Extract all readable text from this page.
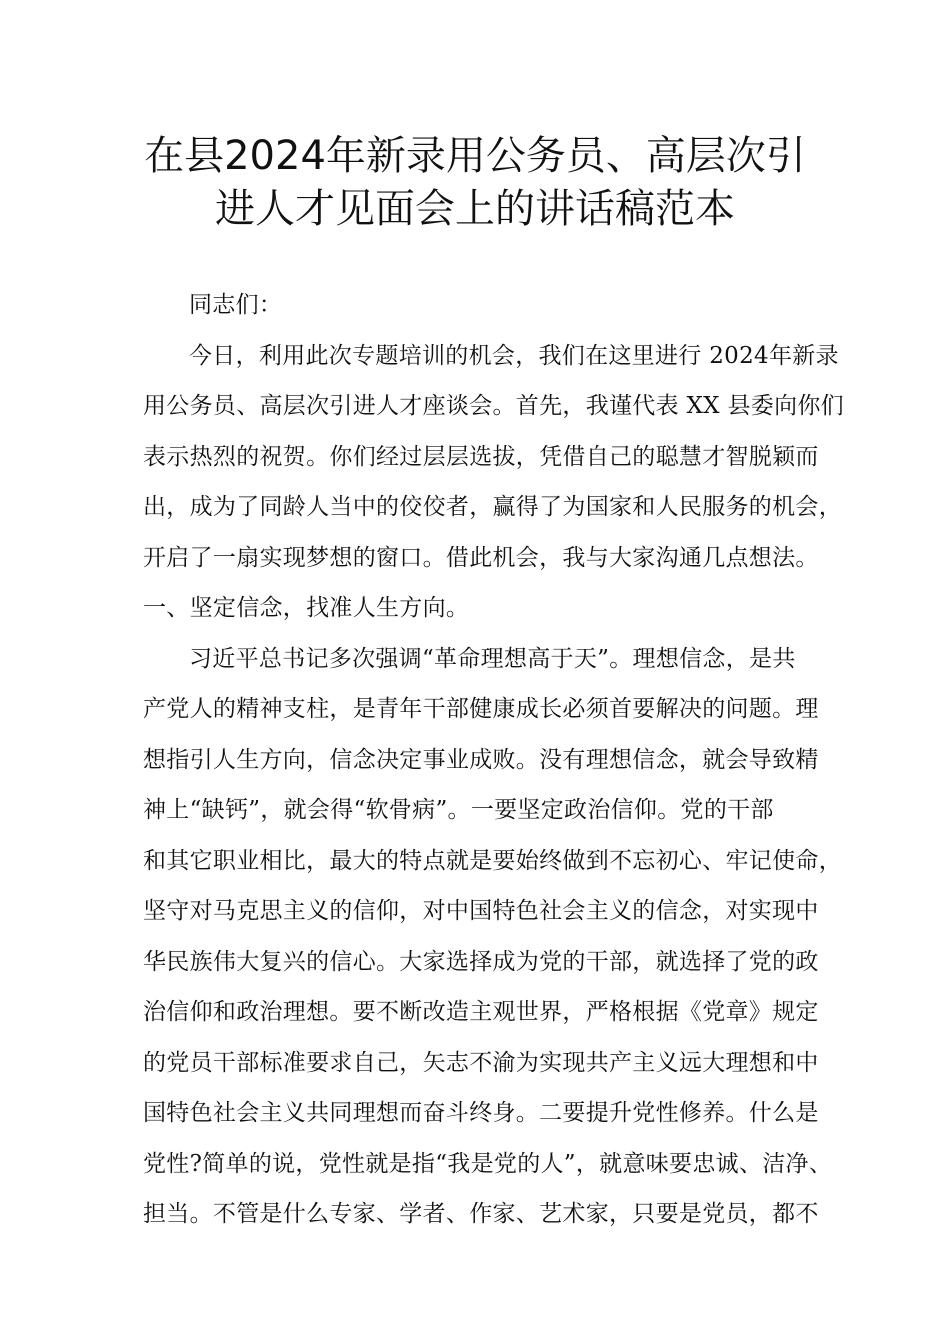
在县2024年新录用公务员、高层次引
进人才见面会上的讲话稿范本
同志们：
今日，利用此次专题培训的机会，我们在这里进行 2024年新录
用公务员、高层次引进人才座谈会。首先，我谨代表 XX 县委向你们
表示热烈的祝贺。你们经过层层选拔，凭借自己的聪慧才智脱颖而
出，成为了同龄人当中的佼佼者，赢得了为国家和人民服务的机会，
开启了一扇实现梦想的窗口。借此机会，我与大家沟通几点想法。
一、坚定信念，找准人生方向。
习近平总书记多次强调“革命理想高于天”。理想信念，是共
产党人的精神支柱，是青年干部健康成长必须首要解决的问题。理
想指引人生方向，信念决定事业成败。没有理想信念，就会导致精
神上“缺钙”，就会得“软骨病”。一要坚定政治信仰。党的干部
和其它职业相比，最大的特点就是要始终做到不忘初心、牢记使命，
坚守对马克思主义的信仰，对中国特色社会主义的信念，对实现中
华民族伟大复兴的信心。大家选择成为党的干部，就选择了党的政
治信仰和政治理想。要不断改造主观世界，严格根据《党章》规定
的党员干部标准要求自己，矢志不渝为实现共产主义远大理想和中
国特色社会主义共同理想而奋斗终身。二要提升党性修养。什么是
党性?简单的说，党性就是指“我是党的人”，就意味要忠诚、洁净、
担当。不管是什么专家、学者、作家、艺术家，只要是党员，都不
